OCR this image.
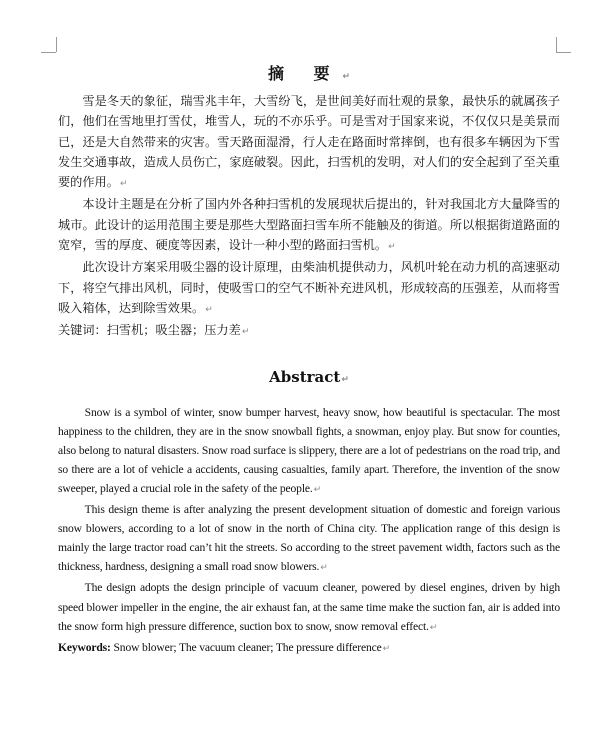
摘 要↵

雪是冬天的象征，瑞雪兆丰年，大雪纷飞，是世间美好而壮观的景象，最快乐的就属孩子们，他们在雪地里打雪仗，堆雪人，玩的不亦乐乎。可是雪对于国家来说，不仅仅只是美景而已，还是大自然带来的灾害。雪天路面湿滑，行人走在路面时常摔倒，也有很多车辆因为下雪发生交通事故，造成人员伤亡，家庭破裂。因此，扫雪机的发明，对人们的安全起到了至关重要的作用。↵

本设计主题是在分析了国内外各种扫雪机的发展现状后提出的，针对我国北方大量降雪的城市。此设计的运用范围主要是那些大型路面扫雪车所不能触及的街道。所以根据街道路面的宽窄，雪的厚度、硬度等因素，设计一种小型的路面扫雪机。↵

此次设计方案采用吸尘器的设计原理，由柴油机提供动力，风机叶轮在动力机的高速驱动下，将空气排出风机，同时，使吸雪口的空气不断补充进风机，形成较高的压强差，从而将雪吸入箱体，达到除雪效果。↵

关键词：扫雪机；吸尘器；压力差↵

Abstract↵

Snow is a symbol of winter, snow bumper harvest, heavy snow, how beautiful is spectacular. The most happiness to the children, they are in the snow snowball fights, a snowman, enjoy play. But snow for counties, also belong to natural disasters. Snow road surface is slippery, there are a lot of pedestrians on the road trip, and so there are a lot of vehicle a accidents, causing casualties, family apart. Therefore, the invention of the snow sweeper, played a crucial role in the safety of the people.↵

This design theme is after analyzing the present development situation of domestic and foreign various snow blowers, according to a lot of snow in the north of China city. The application range of this design is mainly the large tractor road can’t hit the streets. So according to the street pavement width, factors such as the thickness, hardness, designing a small road snow blowers.↵

The design adopts the design principle of vacuum cleaner, powered by diesel engines, driven by high speed blower impeller in the engine, the air exhaust fan, at the same time make the suction fan, air is added into the snow form high pressure difference, suction box to snow, snow removal effect.↵

Keywords: Snow blower; The vacuum cleaner; The pressure difference↵
